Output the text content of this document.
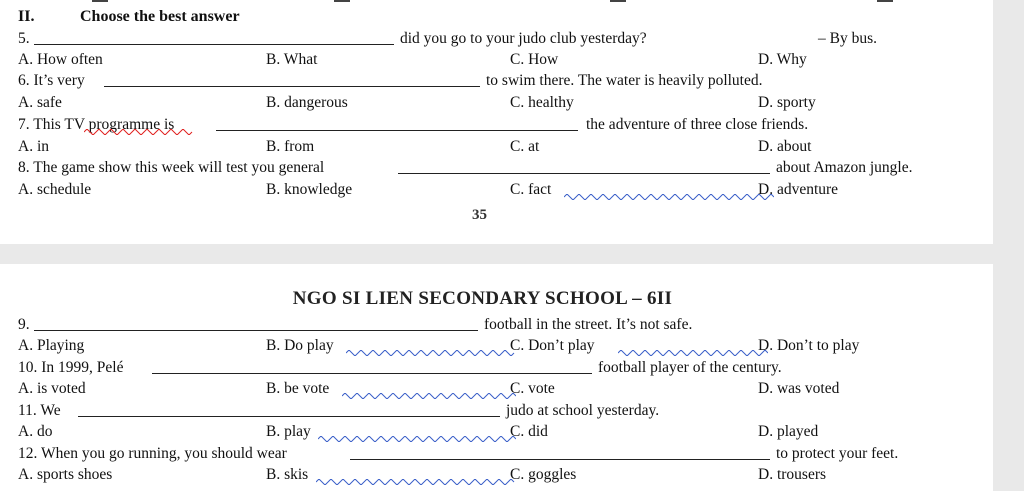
II.	Choose the best answer
5.	did you go to your judo club yesterday?	– By bus.
A. How often	B. What	C. How	D. Why
6. It’s very	to swim there. The water is heavily polluted.
A. safe	B. dangerous	C. healthy	D. sporty
7. This TV programme is	the adventure of three close friends.
A. in	B. from	C. at	D. about
8. The game show this week will test you general	about Amazon jungle.
A. schedule	B. knowledge	C. fact	D. adventure
35
NGO SI LIEN SECONDARY SCHOOL – 6II
9.	football in the street. It’s not safe.
A. Playing	B. Do play	C. Don’t play	D. Don’t to play
10. In 1999, Pelé	football player of the century.
A. is voted	B. be vote	C. vote	D. was voted
11. We	judo at school yesterday.
A. do	B. play	C. did	D. played
12. When you go running, you should wear	to protect your feet.
A. sports shoes	B. skis	C. goggles	D. trousers
